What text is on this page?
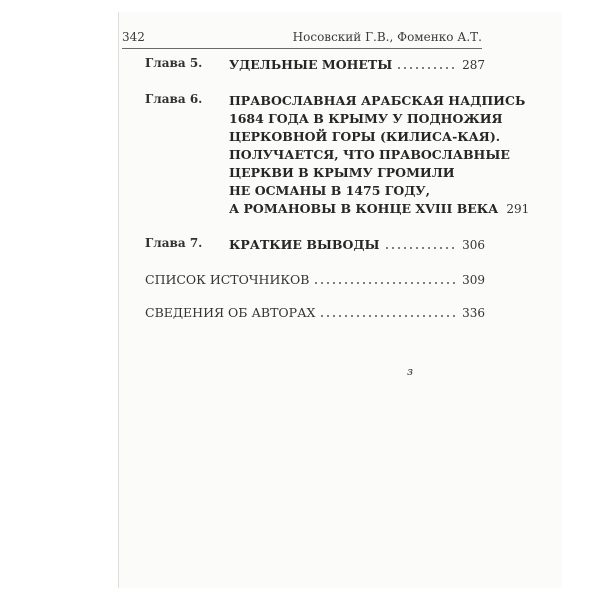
342	Носовский Г.В., Фоменко А.Т.
Глава 5. УДЕЛЬНЫЕ МОНЕТЫ	287
Глава 6. ПРАВОСЛАВНАЯ АРАБСКАЯ НАДПИСЬ
1684 ГОДА В КРЫМУ У ПОДНОЖИЯ
ЦЕРКОВНОЙ ГОРЫ (КИЛИСА-КАЯ).
ПОЛУЧАЕТСЯ, ЧТО ПРАВОСЛАВНЫЕ
ЦЕРКВИ В КРЫМУ ГРОМИЛИ
НЕ ОСМАНЫ В 1475 ГОДУ,
А РОМАНОВЫ В КОНЦЕ XVIII ВЕКА 291
Глава 7. КРАТКИЕ ВЫВОДЫ	306
СПИСОК ИСТОЧНИКОВ	309
СВЕДЕНИЯ ОБ АВТОРАХ	336
з
